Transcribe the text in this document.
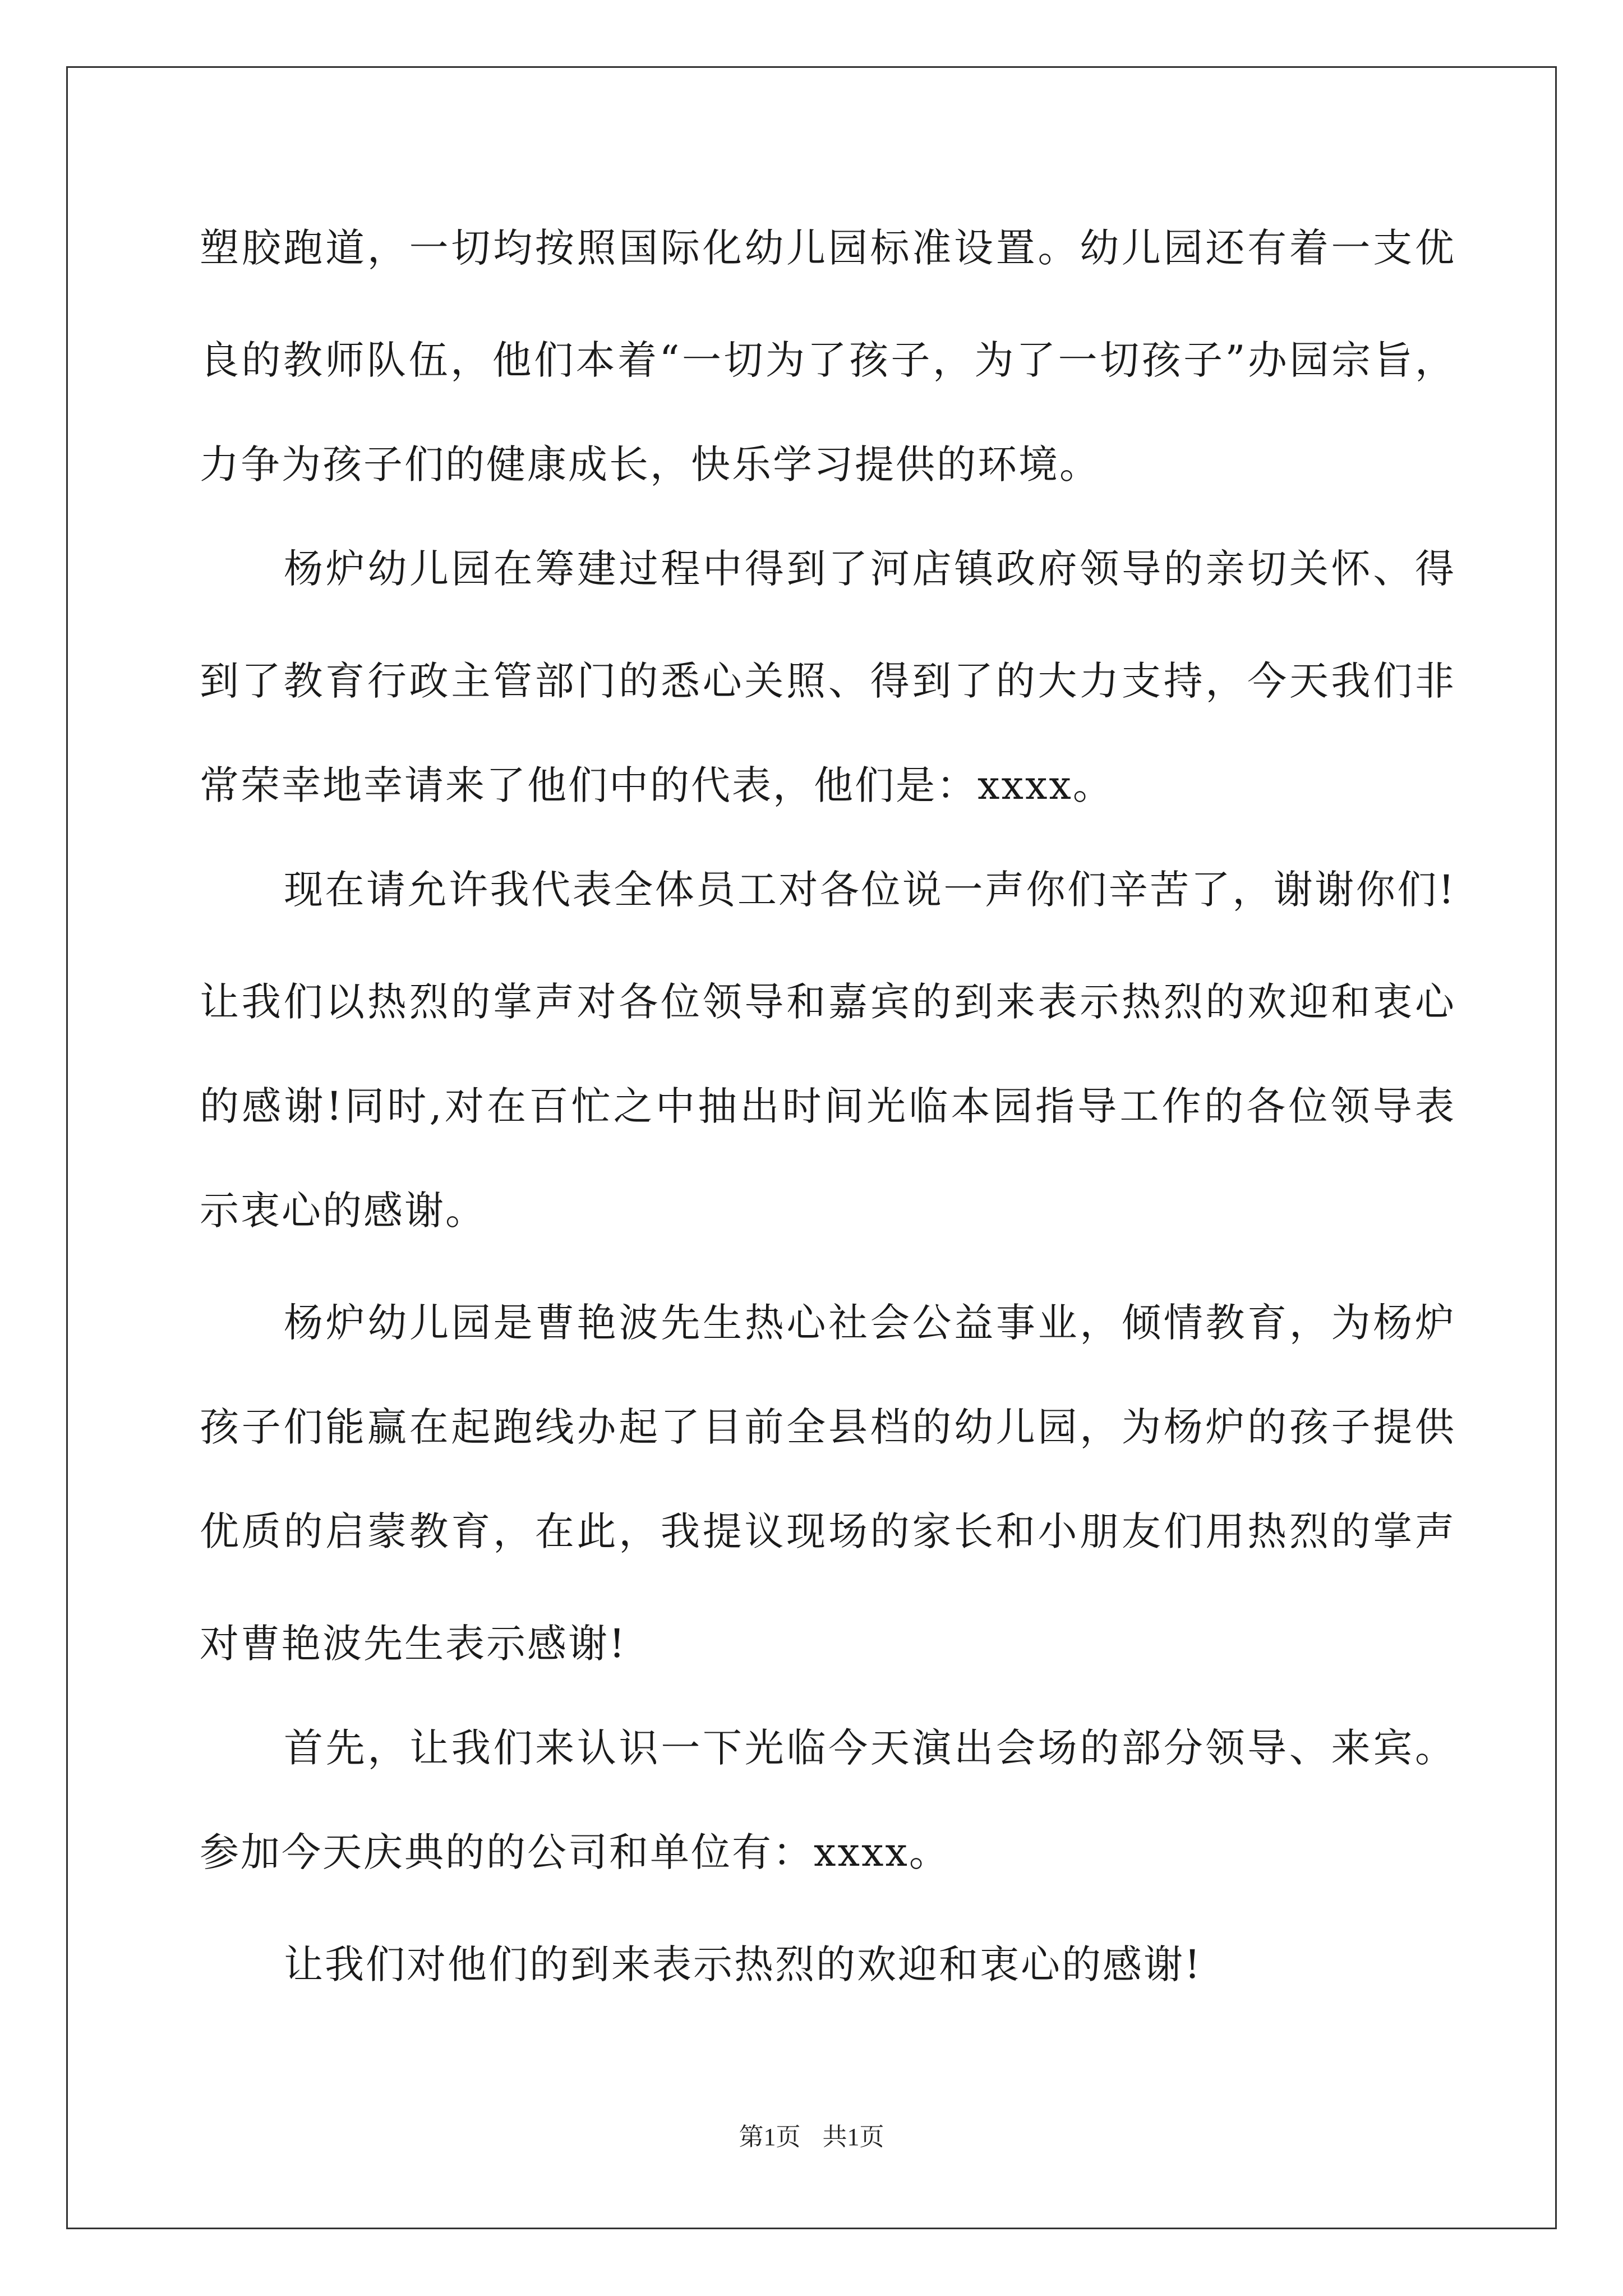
塑胶跑道，一切均按照国际化幼儿园标准设置。幼儿园还有着一支优
良的教师队伍，他们本着“一切为了孩子，为了一切孩子”办园宗旨，
力争为孩子们的健康成长，快乐学习提供的环境。
杨炉幼儿园在筹建过程中得到了河店镇政府领导的亲切关怀、得
到了教育行政主管部门的悉心关照、得到了的大力支持，今天我们非
常荣幸地幸请来了他们中的代表，他们是：xxxx。
现在请允许我代表全体员工对各位说一声你们辛苦了，谢谢你们!
让我们以热烈的掌声对各位领导和嘉宾的到来表示热烈的欢迎和衷心
的感谢!同时,对在百忙之中抽出时间光临本园指导工作的各位领导表
示衷心的感谢。
杨炉幼儿园是曹艳波先生热心社会公益事业，倾情教育，为杨炉
孩子们能赢在起跑线办起了目前全县档的幼儿园，为杨炉的孩子提供
优质的启蒙教育，在此，我提议现场的家长和小朋友们用热烈的掌声
对曹艳波先生表示感谢!
首先，让我们来认识一下光临今天演出会场的部分领导、来宾。
参加今天庆典的的公司和单位有：xxxx。
让我们对他们的到来表示热烈的欢迎和衷心的感谢!
第1页 共1页
